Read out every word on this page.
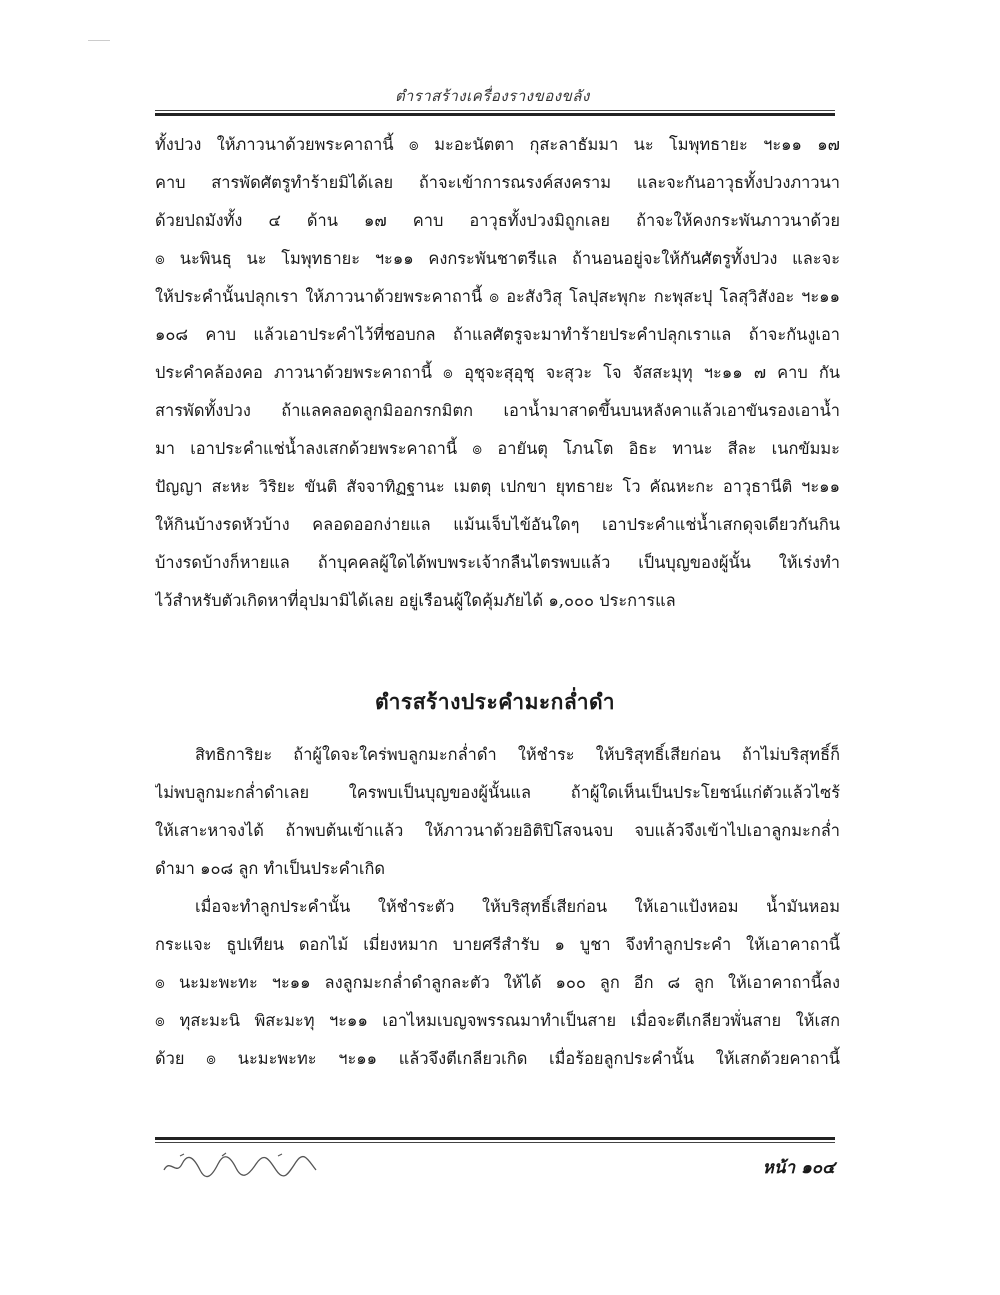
ตำราสร้างเครื่องรางของขลัง
ทั้งปวง ให้ภาวนาด้วยพระคาถานี้ ๏ มะอะนัตตา กุสะลาธัมมา นะ โมพุทธายะ ฯะ๑๑ ๑๗
คาบ สารพัดศัตรูทำร้ายมิได้เลย ถ้าจะเข้าการณรงค์สงคราม และจะกันอาวุธทั้งปวงภาวนา
ด้วยปถมังทั้ง ๔ ด้าน ๑๗ คาบ อาวุธทั้งปวงมิถูกเลย ถ้าจะให้คงกระพันภาวนาด้วย
๏ นะพินธุ นะ โมพุทธายะ ฯะ๑๑ คงกระพันชาตรีแล ถ้านอนอยู่จะให้กันศัตรูทั้งปวง และจะ
ให้ประคำนั้นปลุกเรา ให้ภาวนาด้วยพระคาถานี้ ๏ อะสังวิสุ โลปุสะพุกะ กะพุสะปุ โลสุวิสังอะ ฯะ๑๑
๑๐๘ คาบ แล้วเอาประคำไว้ที่ชอบกล ถ้าแลศัตรูจะมาทำร้ายประคำปลุกเราแล ถ้าจะกันงูเอา
ประคำคล้องคอ ภาวนาด้วยพระคาถานี้ ๏ อุชุจะสุอุชุ จะสุวะ โจ จัสสะมุทุ ฯะ๑๑ ๗ คาบ กัน
สารพัดทั้งปวง ถ้าแลคลอดลูกมิออกรกมิตก เอาน้ำมาสาดขึ้นบนหลังคาแล้วเอาขันรองเอาน้ำ
มา เอาประคำแช่น้ำลงเสกด้วยพระคาถานี้ ๏ อายันตุ โภนโต อิธะ ทานะ สีละ เนกขัมมะ
ปัญญา สะหะ วิริยะ ขันติ สัจจาทิฏฐานะ เมตตุ เปกขา ยุทธายะ โว คัณหะกะ อาวุธานีติ ฯะ๑๑
ให้กินบ้างรดหัวบ้าง คลอดออกง่ายแล แม้นเจ็บไข้อันใดๆ เอาประคำแช่น้ำเสกดุจเดียวกันกิน
บ้างรดบ้างก็หายแล ถ้าบุคคลผู้ใดได้พบพระเจ้ากลืนไตรพบแล้ว เป็นบุญของผู้นั้น ให้เร่งทำ
ไว้สำหรับตัวเกิดหาที่อุปมามิได้เลย อยู่เรือนผู้ใดคุ้มภัยได้ ๑,๐๐๐ ประการแล
ตำรสร้างประคำมะกล่ำดำ
สิทธิการิยะ ถ้าผู้ใดจะใคร่พบลูกมะกล่ำดำ ให้ชำระ ให้บริสุทธิ์เสียก่อน ถ้าไม่บริสุทธิ์ก็
ไม่พบลูกมะกล่ำดำเลย ใครพบเป็นบุญของผู้นั้นแล ถ้าผู้ใดเห็นเป็นประโยชน์แก่ตัวแล้วไซร้
ให้เสาะหาจงได้ ถ้าพบต้นเข้าแล้ว ให้ภาวนาด้วยอิติปิโสจนจบ จบแล้วจึงเข้าไปเอาลูกมะกล่ำ
ดำมา ๑๐๘ ลูก ทำเป็นประคำเกิด
เมื่อจะทำลูกประคำนั้น ให้ชำระตัว ให้บริสุทธิ์เสียก่อน ให้เอาแป้งหอม น้ำมันหอม
กระแจะ ธูปเทียน ดอกไม้ เมี่ยงหมาก บายศรีสำรับ ๑ บูชา จึงทำลูกประคำ ให้เอาคาถานี้
๏ นะมะพะทะ ฯะ๑๑ ลงลูกมะกล่ำดำลูกละตัว ให้ได้ ๑๐๐ ลูก อีก ๘ ลูก ให้เอาคาถานี้ลง
๏ ทุสะมะนิ พิสะมะทุ ฯะ๑๑ เอาไหมเบญจพรรณมาทำเป็นสาย เมื่อจะตีเกลียวพั่นสาย ให้เสก
ด้วย ๏ นะมะพะทะ ฯะ๑๑ แล้วจึงตีเกลียวเกิด เมื่อร้อยลูกประคำนั้น ให้เสกด้วยคาถานี้
หน้า ๑๐๔
